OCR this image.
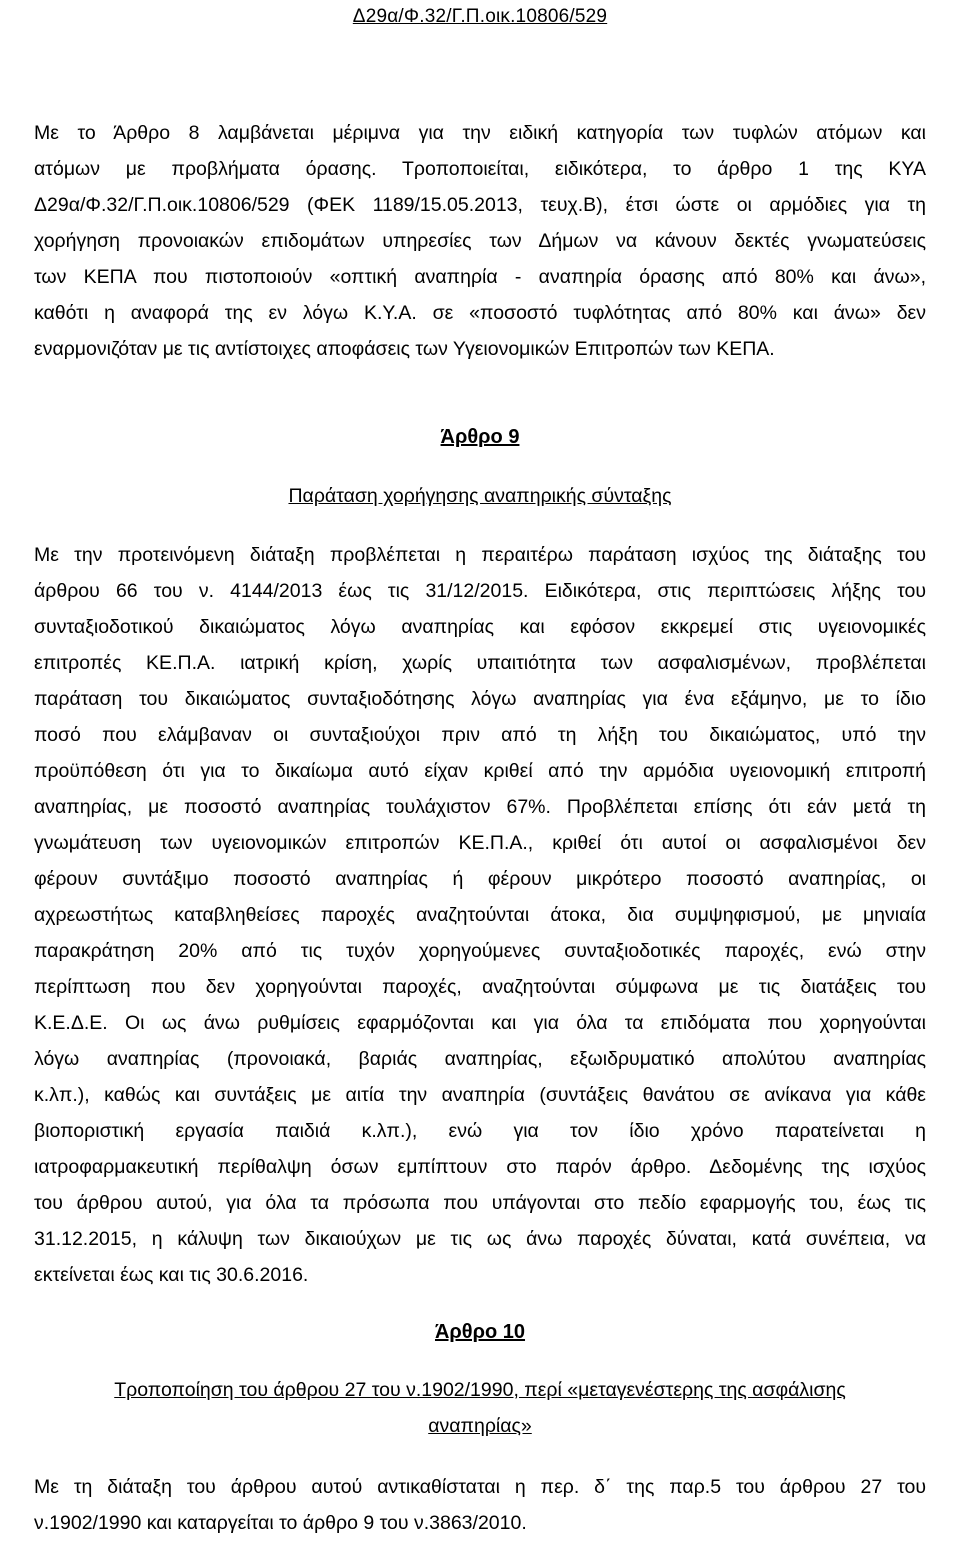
Δ29α/Φ.32/Γ.Π.οικ.10806/529
Με το Άρθρο 8 λαμβάνεται μέριμνα για την ειδική κατηγορία των τυφλών ατόμων και
ατόμων με προβλήματα όρασης. Τροποποιείται, ειδικότερα, το άρθρο 1 της ΚΥΑ
Δ29α/Φ.32/Γ.Π.οικ.10806/529 (ΦΕΚ 1189/15.05.2013, τευχ.Β), έτσι ώστε οι αρμόδιες για τη
χορήγηση προνοιακών επιδομάτων υπηρεσίες των Δήμων να κάνουν δεκτές γνωματεύσεις
των ΚΕΠΑ που πιστοποιούν «οπτική αναπηρία - αναπηρία όρασης από 80% και άνω»,
καθότι η αναφορά της εν λόγω Κ.Υ.Α. σε «ποσοστό τυφλότητας από 80% και άνω» δεν
εναρμονιζόταν με τις αντίστοιχες αποφάσεις των Υγειονομικών Επιτροπών των ΚΕΠΑ.
Άρθρο 9
Παράταση χορήγησης αναπηρικής σύνταξης
Με την προτεινόμενη διάταξη προβλέπεται η περαιτέρω παράταση ισχύος της διάταξης του
άρθρου 66 του ν. 4144/2013 έως τις 31/12/2015. Ειδικότερα, στις περιπτώσεις λήξης του
συνταξιοδοτικού δικαιώματος λόγω αναπηρίας και εφόσον εκκρεμεί στις υγειονομικές
επιτροπές ΚΕ.Π.Α. ιατρική κρίση, χωρίς υπαιτιότητα των ασφαλισμένων, προβλέπεται
παράταση του δικαιώματος συνταξιοδότησης λόγω αναπηρίας για ένα εξάμηνο, με το ίδιο
ποσό που ελάμβαναν οι συνταξιούχοι πριν από τη λήξη του δικαιώματος, υπό την
προϋπόθεση ότι για το δικαίωμα αυτό είχαν κριθεί από την αρμόδια υγειονομική επιτροπή
αναπηρίας, με ποσοστό αναπηρίας τουλάχιστον 67%. Προβλέπεται επίσης ότι εάν μετά τη
γνωμάτευση των υγειονομικών επιτροπών ΚΕ.Π.Α., κριθεί ότι αυτοί οι ασφαλισμένοι δεν
φέρουν συντάξιμο ποσοστό αναπηρίας ή φέρουν μικρότερο ποσοστό αναπηρίας, οι
αχρεωστήτως καταβληθείσες παροχές αναζητούνται άτοκα, δια συμψηφισμού, με μηνιαία
παρακράτηση 20% από τις τυχόν χορηγούμενες συνταξιοδοτικές παροχές, ενώ στην
περίπτωση που δεν χορηγούνται παροχές, αναζητούνται σύμφωνα με τις διατάξεις του
Κ.Ε.Δ.Ε. Οι ως άνω ρυθμίσεις εφαρμόζονται και για όλα τα επιδόματα που χορηγούνται
λόγω αναπηρίας (προνοιακά, βαριάς αναπηρίας, εξωιδρυματικό απολύτου αναπηρίας
κ.λπ.), καθώς και συντάξεις με αιτία την αναπηρία (συντάξεις θανάτου σε ανίκανα για κάθε
βιοποριστική εργασία παιδιά κ.λπ.), ενώ για τον ίδιο χρόνο παρατείνεται η
ιατροφαρμακευτική περίθαλψη όσων εμπίπτουν στο παρόν άρθρο. Δεδομένης της ισχύος
του άρθρου αυτού, για όλα τα πρόσωπα που υπάγονται στο πεδίο εφαρμογής του, έως τις
31.12.2015, η κάλυψη των δικαιούχων με τις ως άνω παροχές δύναται, κατά συνέπεια, να
εκτείνεται έως και τις 30.6.2016.
Άρθρο 10
Τροποποίηση του άρθρου 27 του ν.1902/1990, περί «μεταγενέστερης της ασφάλισης
αναπηρίας»
Με τη διάταξη του άρθρου αυτού αντικαθίσταται η περ. δ΄ της παρ.5 του άρθρου 27 του
ν.1902/1990 και καταργείται το άρθρο 9 του ν.3863/2010.
